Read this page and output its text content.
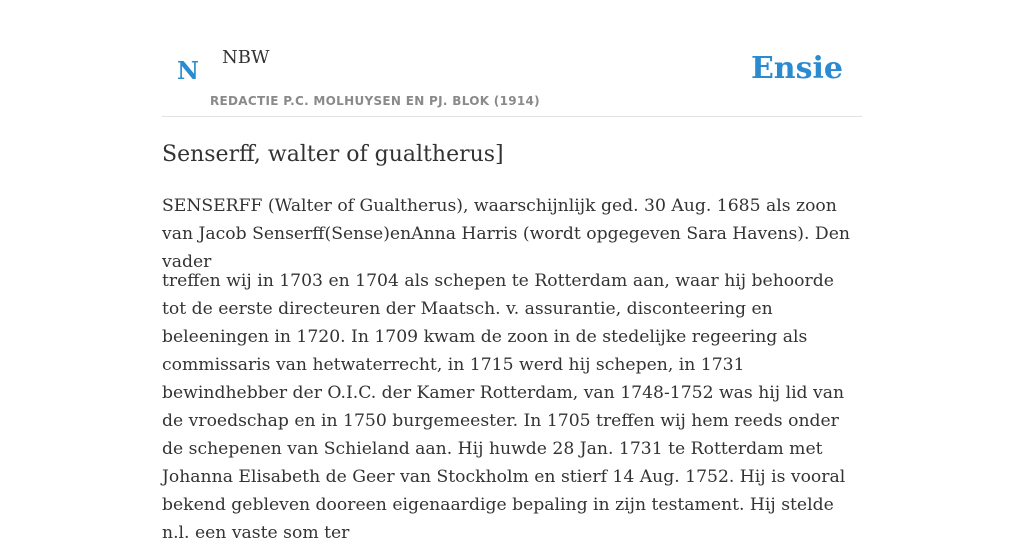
N NBW
REDACTIE P.C. MOLHUYSEN EN PJ. BLOK (1914)
Ensie
Senserff, walter of gualtherus]

SENSERFF (Walter of Gualtherus), waarschijnlijk ged. 30 Aug. 1685 als zoon van Jacob Senserff(Sense)enAnna Harris (wordt opgegeven Sara Havens). Den vader

treffen wij in 1703 en 1704 als schepen te Rotterdam aan, waar hij behoorde tot de eerste directeuren der Maatsch. v. assurantie, disconteering en beleeningen in 1720. In 1709 kwam de zoon in de stedelijke regeering als commissaris van hetwaterrecht, in 1715 werd hij schepen, in 1731 bewindhebber der O.I.C. der Kamer Rotterdam, van 1748-1752 was hij lid van de vroedschap en in 1750 burgemeester. In 1705 treffen wij hem reeds onder de schepenen van Schieland aan. Hij huwde 28 Jan. 1731 te Rotterdam met Johanna Elisabeth de Geer van Stockholm en stierf 14 Aug. 1752. Hij is vooral bekend gebleven dooreen eigenaardige bepaling in zijn testament. Hij stelde n.l. een vaste som ter
